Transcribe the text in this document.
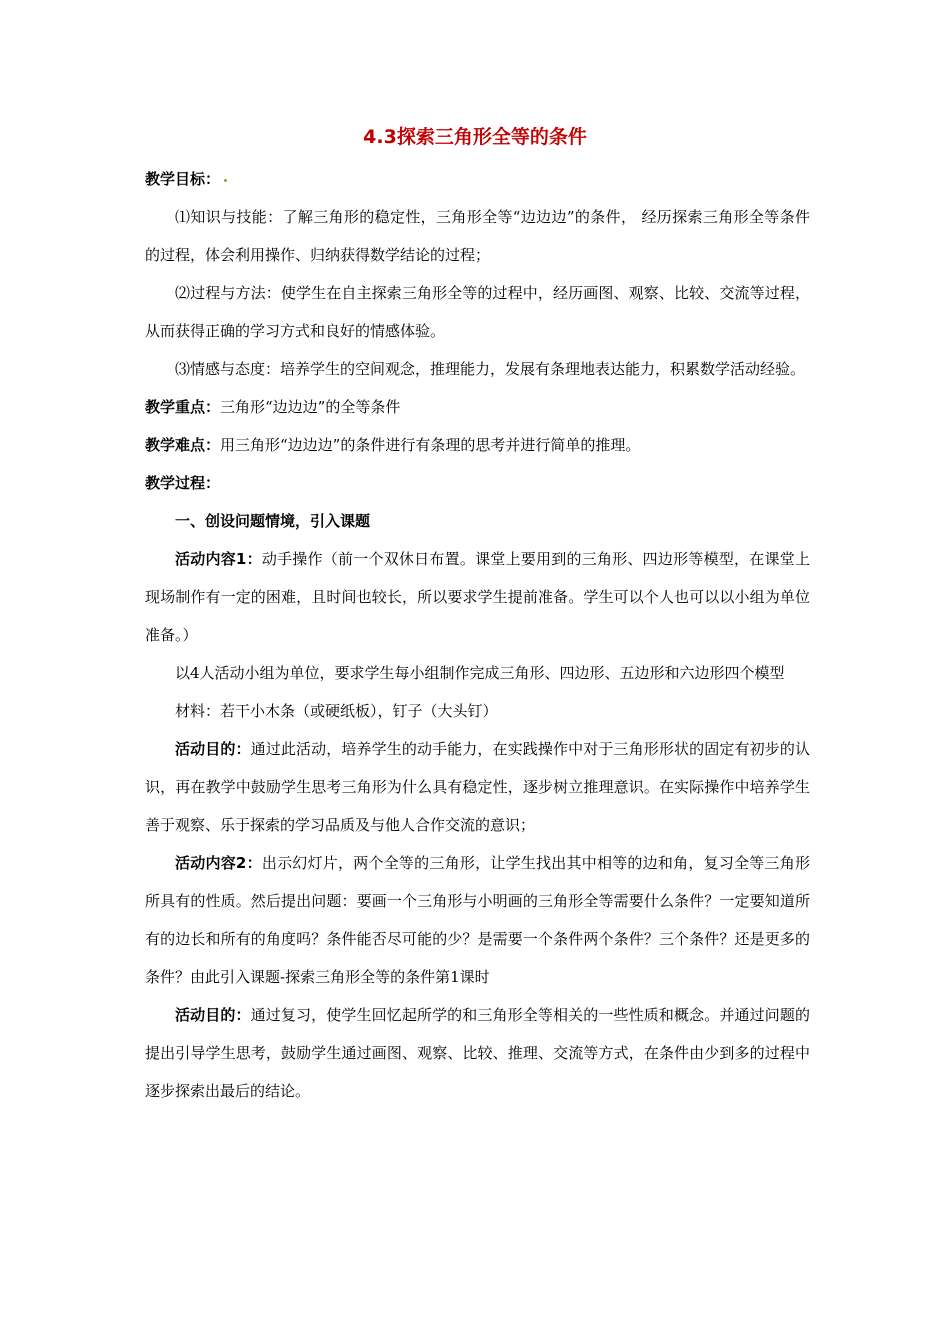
4.3探索三角形全等的条件

教学目标：

⑴知识与技能：了解三角形的稳定性，三角形全等“边边边”的条件， 经历探索三角形全等条件的过程，体会利用操作、归纳获得数学结论的过程；

⑵过程与方法：使学生在自主探索三角形全等的过程中，经历画图、观察、比较、交流等过程，从而获得正确的学习方式和良好的情感体验。

⑶情感与态度：培养学生的空间观念，推理能力，发展有条理地表达能力，积累数学活动经验。

教学重点：三角形“边边边”的全等条件

教学难点：用三角形“边边边”的条件进行有条理的思考并进行简单的推理。

教学过程：

一、创设问题情境，引入课题

活动内容1：动手操作（前一个双休日布置。课堂上要用到的三角形、四边形等模型，在课堂上现场制作有一定的困难，且时间也较长，所以要求学生提前准备。学生可以个人也可以以小组为单位准备。）

以4人活动小组为单位，要求学生每小组制作完成三角形、四边形、五边形和六边形四个模型

材料：若干小木条（或硬纸板），钉子（大头钉）

活动目的：通过此活动，培养学生的动手能力，在实践操作中对于三角形形状的固定有初步的认识，再在教学中鼓励学生思考三角形为什么具有稳定性，逐步树立推理意识。在实际操作中培养学生善于观察、乐于探索的学习品质及与他人合作交流的意识；

活动内容2：出示幻灯片，两个全等的三角形，让学生找出其中相等的边和角，复习全等三角形所具有的性质。然后提出问题：要画一个三角形与小明画的三角形全等需要什么条件？一定要知道所有的边长和所有的角度吗？条件能否尽可能的少？是需要一个条件两个条件？三个条件？还是更多的条件？由此引入课题-探索三角形全等的条件第1课时

活动目的：通过复习，使学生回忆起所学的和三角形全等相关的一些性质和概念。并通过问题的提出引导学生思考，鼓励学生通过画图、观察、比较、推理、交流等方式，在条件由少到多的过程中逐步探索出最后的结论。
